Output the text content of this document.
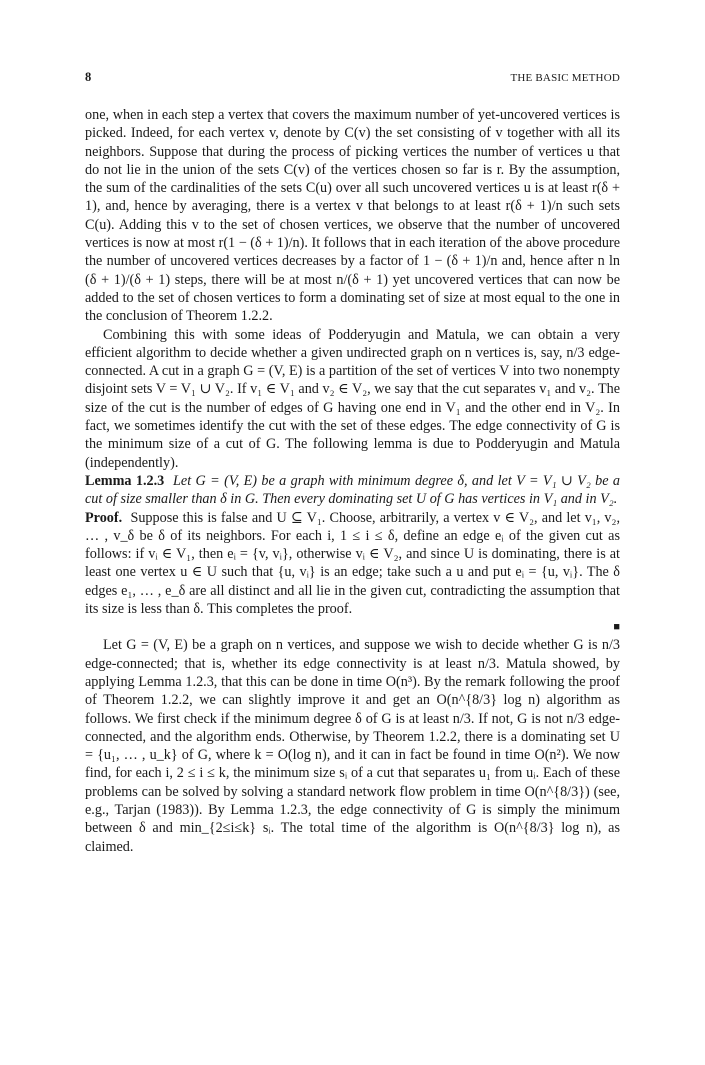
8	THE BASIC METHOD

one, when in each step a vertex that covers the maximum number of yet-uncovered vertices is picked. Indeed, for each vertex v, denote by C(v) the set consisting of v together with all its neighbors. Suppose that during the process of picking vertices the number of vertices u that do not lie in the union of the sets C(v) of the vertices chosen so far is r. By the assumption, the sum of the cardinalities of the sets C(u) over all such uncovered vertices u is at least r(δ + 1), and, hence by averaging, there is a vertex v that belongs to at least r(δ + 1)/n such sets C(u). Adding this v to the set of chosen vertices, we observe that the number of uncovered vertices is now at most r(1 − (δ + 1)/n). It follows that in each iteration of the above procedure the number of uncovered vertices decreases by a factor of 1 − (δ + 1)/n and, hence after n ln (δ + 1)/(δ + 1) steps, there will be at most n/(δ + 1) yet uncovered vertices that can now be added to the set of chosen vertices to form a dominating set of size at most equal to the one in the conclusion of Theorem 1.2.2.

Combining this with some ideas of Podderyugin and Matula, we can obtain a very efficient algorithm to decide whether a given undirected graph on n vertices is, say, n/3 edge-connected. A cut in a graph G = (V, E) is a partition of the set of vertices V into two nonempty disjoint sets V = V₁ ∪ V₂. If v₁ ∈ V₁ and v₂ ∈ V₂, we say that the cut separates v₁ and v₂. The size of the cut is the number of edges of G having one end in V₁ and the other end in V₂. In fact, we sometimes identify the cut with the set of these edges. The edge connectivity of G is the minimum size of a cut of G. The following lemma is due to Podderyugin and Matula (independently).

Lemma 1.2.3 Let G = (V, E) be a graph with minimum degree δ, and let V = V₁ ∪ V₂ be a cut of size smaller than δ in G. Then every dominating set U of G has vertices in V₁ and in V₂.

Proof. Suppose this is false and U ⊆ V₁. Choose, arbitrarily, a vertex v ∈ V₂, and let v₁, v₂, … , v_δ be δ of its neighbors. For each i, 1 ≤ i ≤ δ, define an edge eᵢ of the given cut as follows: if vᵢ ∈ V₁, then eᵢ = {v, vᵢ}, otherwise vᵢ ∈ V₂, and since U is dominating, there is at least one vertex u ∈ U such that {u, vᵢ} is an edge; take such a u and put eᵢ = {u, vᵢ}. The δ edges e₁, … , e_δ are all distinct and all lie in the given cut, contradicting the assumption that its size is less than δ. This completes the proof.

■

Let G = (V, E) be a graph on n vertices, and suppose we wish to decide whether G is n/3 edge-connected; that is, whether its edge connectivity is at least n/3. Matula showed, by applying Lemma 1.2.3, that this can be done in time O(n³). By the remark following the proof of Theorem 1.2.2, we can slightly improve it and get an O(n^{8/3} log n) algorithm as follows. We first check if the minimum degree δ of G is at least n/3. If not, G is not n/3 edge-connected, and the algorithm ends. Otherwise, by Theorem 1.2.2, there is a dominating set U = {u₁, … , u_k} of G, where k = O(log n), and it can in fact be found in time O(n²). We now find, for each i, 2 ≤ i ≤ k, the minimum size sᵢ of a cut that separates u₁ from uᵢ. Each of these problems can be solved by solving a standard network flow problem in time O(n^{8/3}) (see, e.g., Tarjan (1983)). By Lemma 1.2.3, the edge connectivity of G is simply the minimum between δ and min_{2≤i≤k} sᵢ. The total time of the algorithm is O(n^{8/3} log n), as claimed.
